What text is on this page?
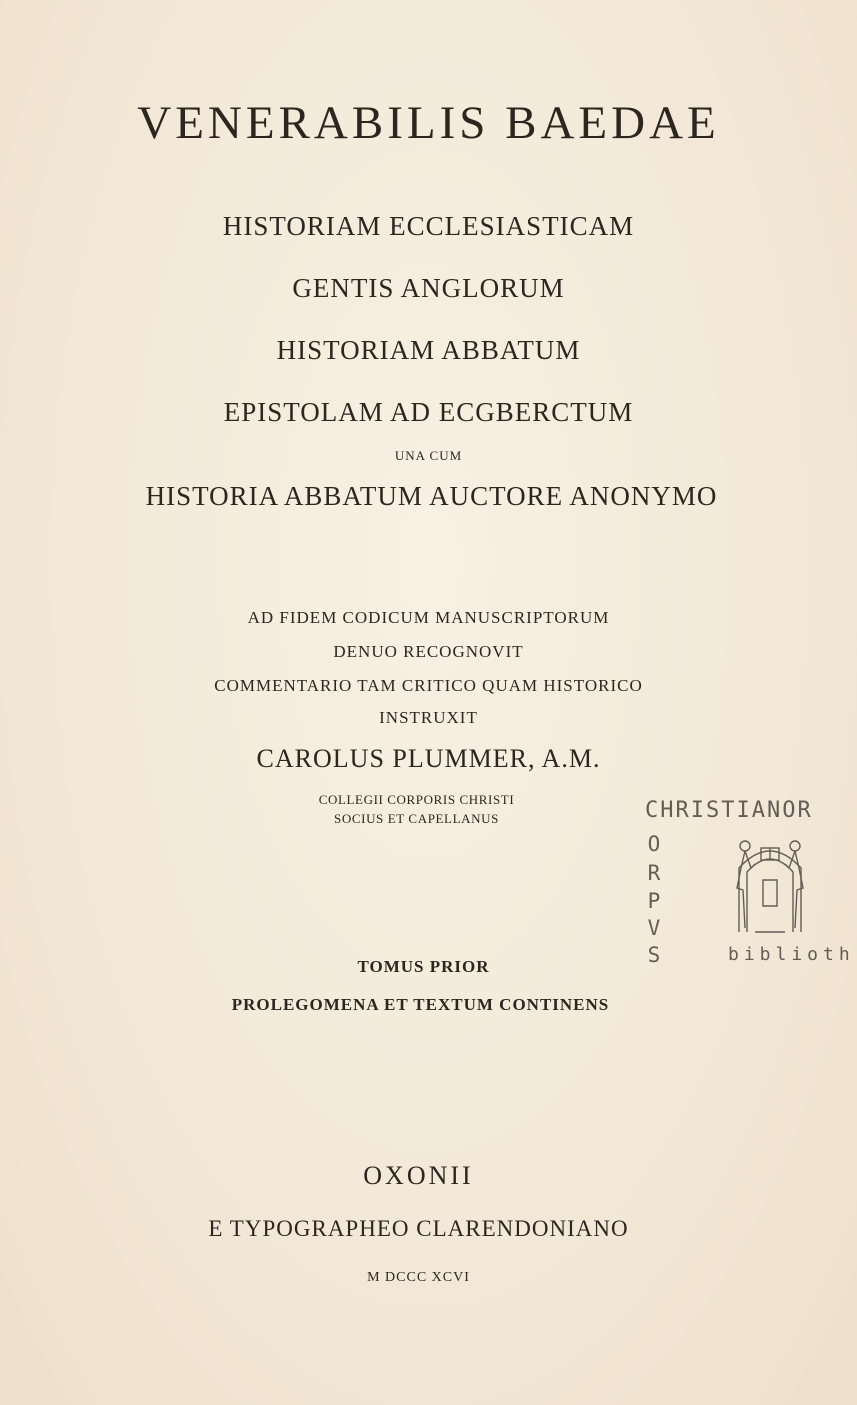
VENERABILIS BAEDAE
HISTORIAM ECCLESIASTICAM
GENTIS ANGLORUM
HISTORIAM ABBATUM
EPISTOLAM AD ECGBERCTUM
UNA CUM
HISTORIA ABBATUM AUCTORE ANONYMO
AD FIDEM CODICUM MANUSCRIPTORUM
DENUO RECOGNOVIT
COMMENTARIO TAM CRITICO QUAM HISTORICO
INSTRUXIT
CAROLUS PLUMMER, A.M.
COLLEGII CORPORIS CHRISTI
SOCIUS ET CAPELLANUS
TOMUS PRIOR
PROLEGOMENA ET TEXTUM CONTINENS
OXONII
E TYPOGRAPHEO CLARENDONIANO
M DCCC XCVI
CHRISTIANOR
O
R
P
V
S	biblioth
